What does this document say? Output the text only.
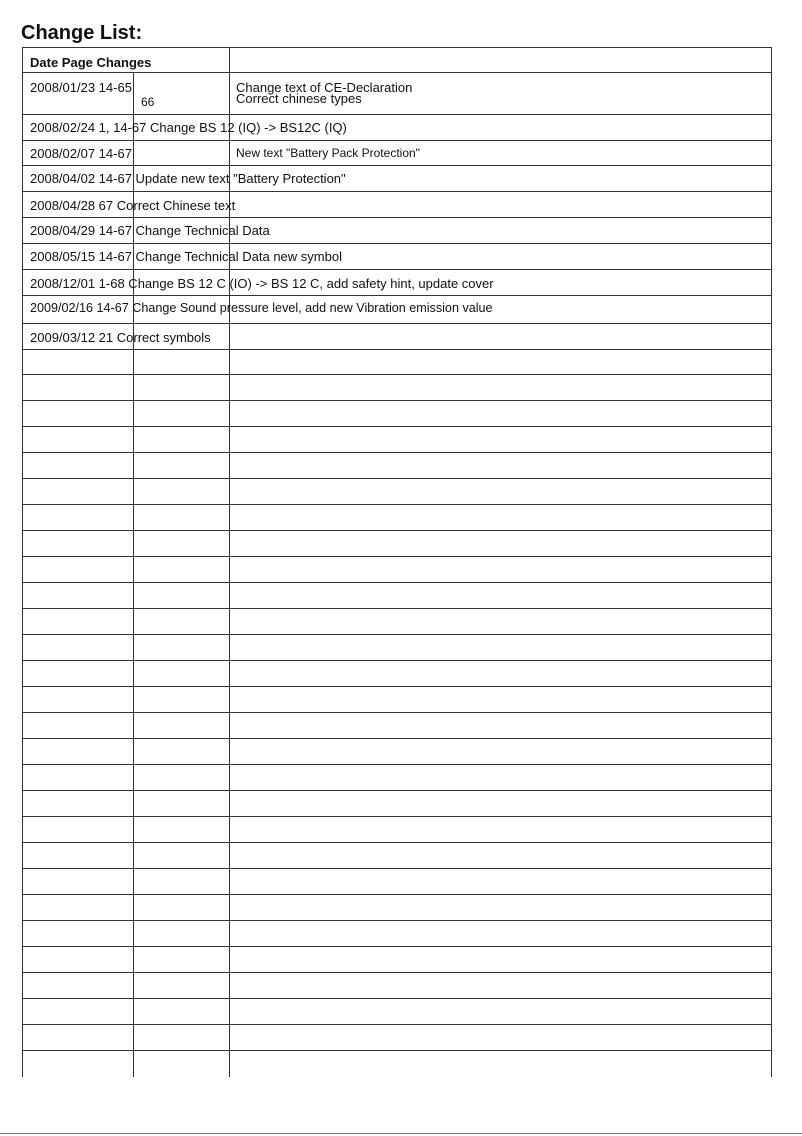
Change List:
Date Page Changes
2008/01/23 14-65
66
Change text of CE-Declaration
Correct chinese types
2008/02/24 1, 14-67 Change BS 12 (IQ) -> BS12C (IQ)
2008/02/07 14-67	New text "Battery Pack Protection"
2008/04/02 14-67 Update new text "Battery Protection"
2008/04/28 67 Correct Chinese text
2008/04/29 14-67 Change Technical Data
2008/05/15 14-67 Change Technical Data new symbol
2008/12/01 1-68 Change BS 12 C (IO) -> BS 12 C, add safety hint, update cover
2009/02/16 14-67 Change Sound pressure level, add new Vibration emission value
2009/03/12 21 Correct symbols
